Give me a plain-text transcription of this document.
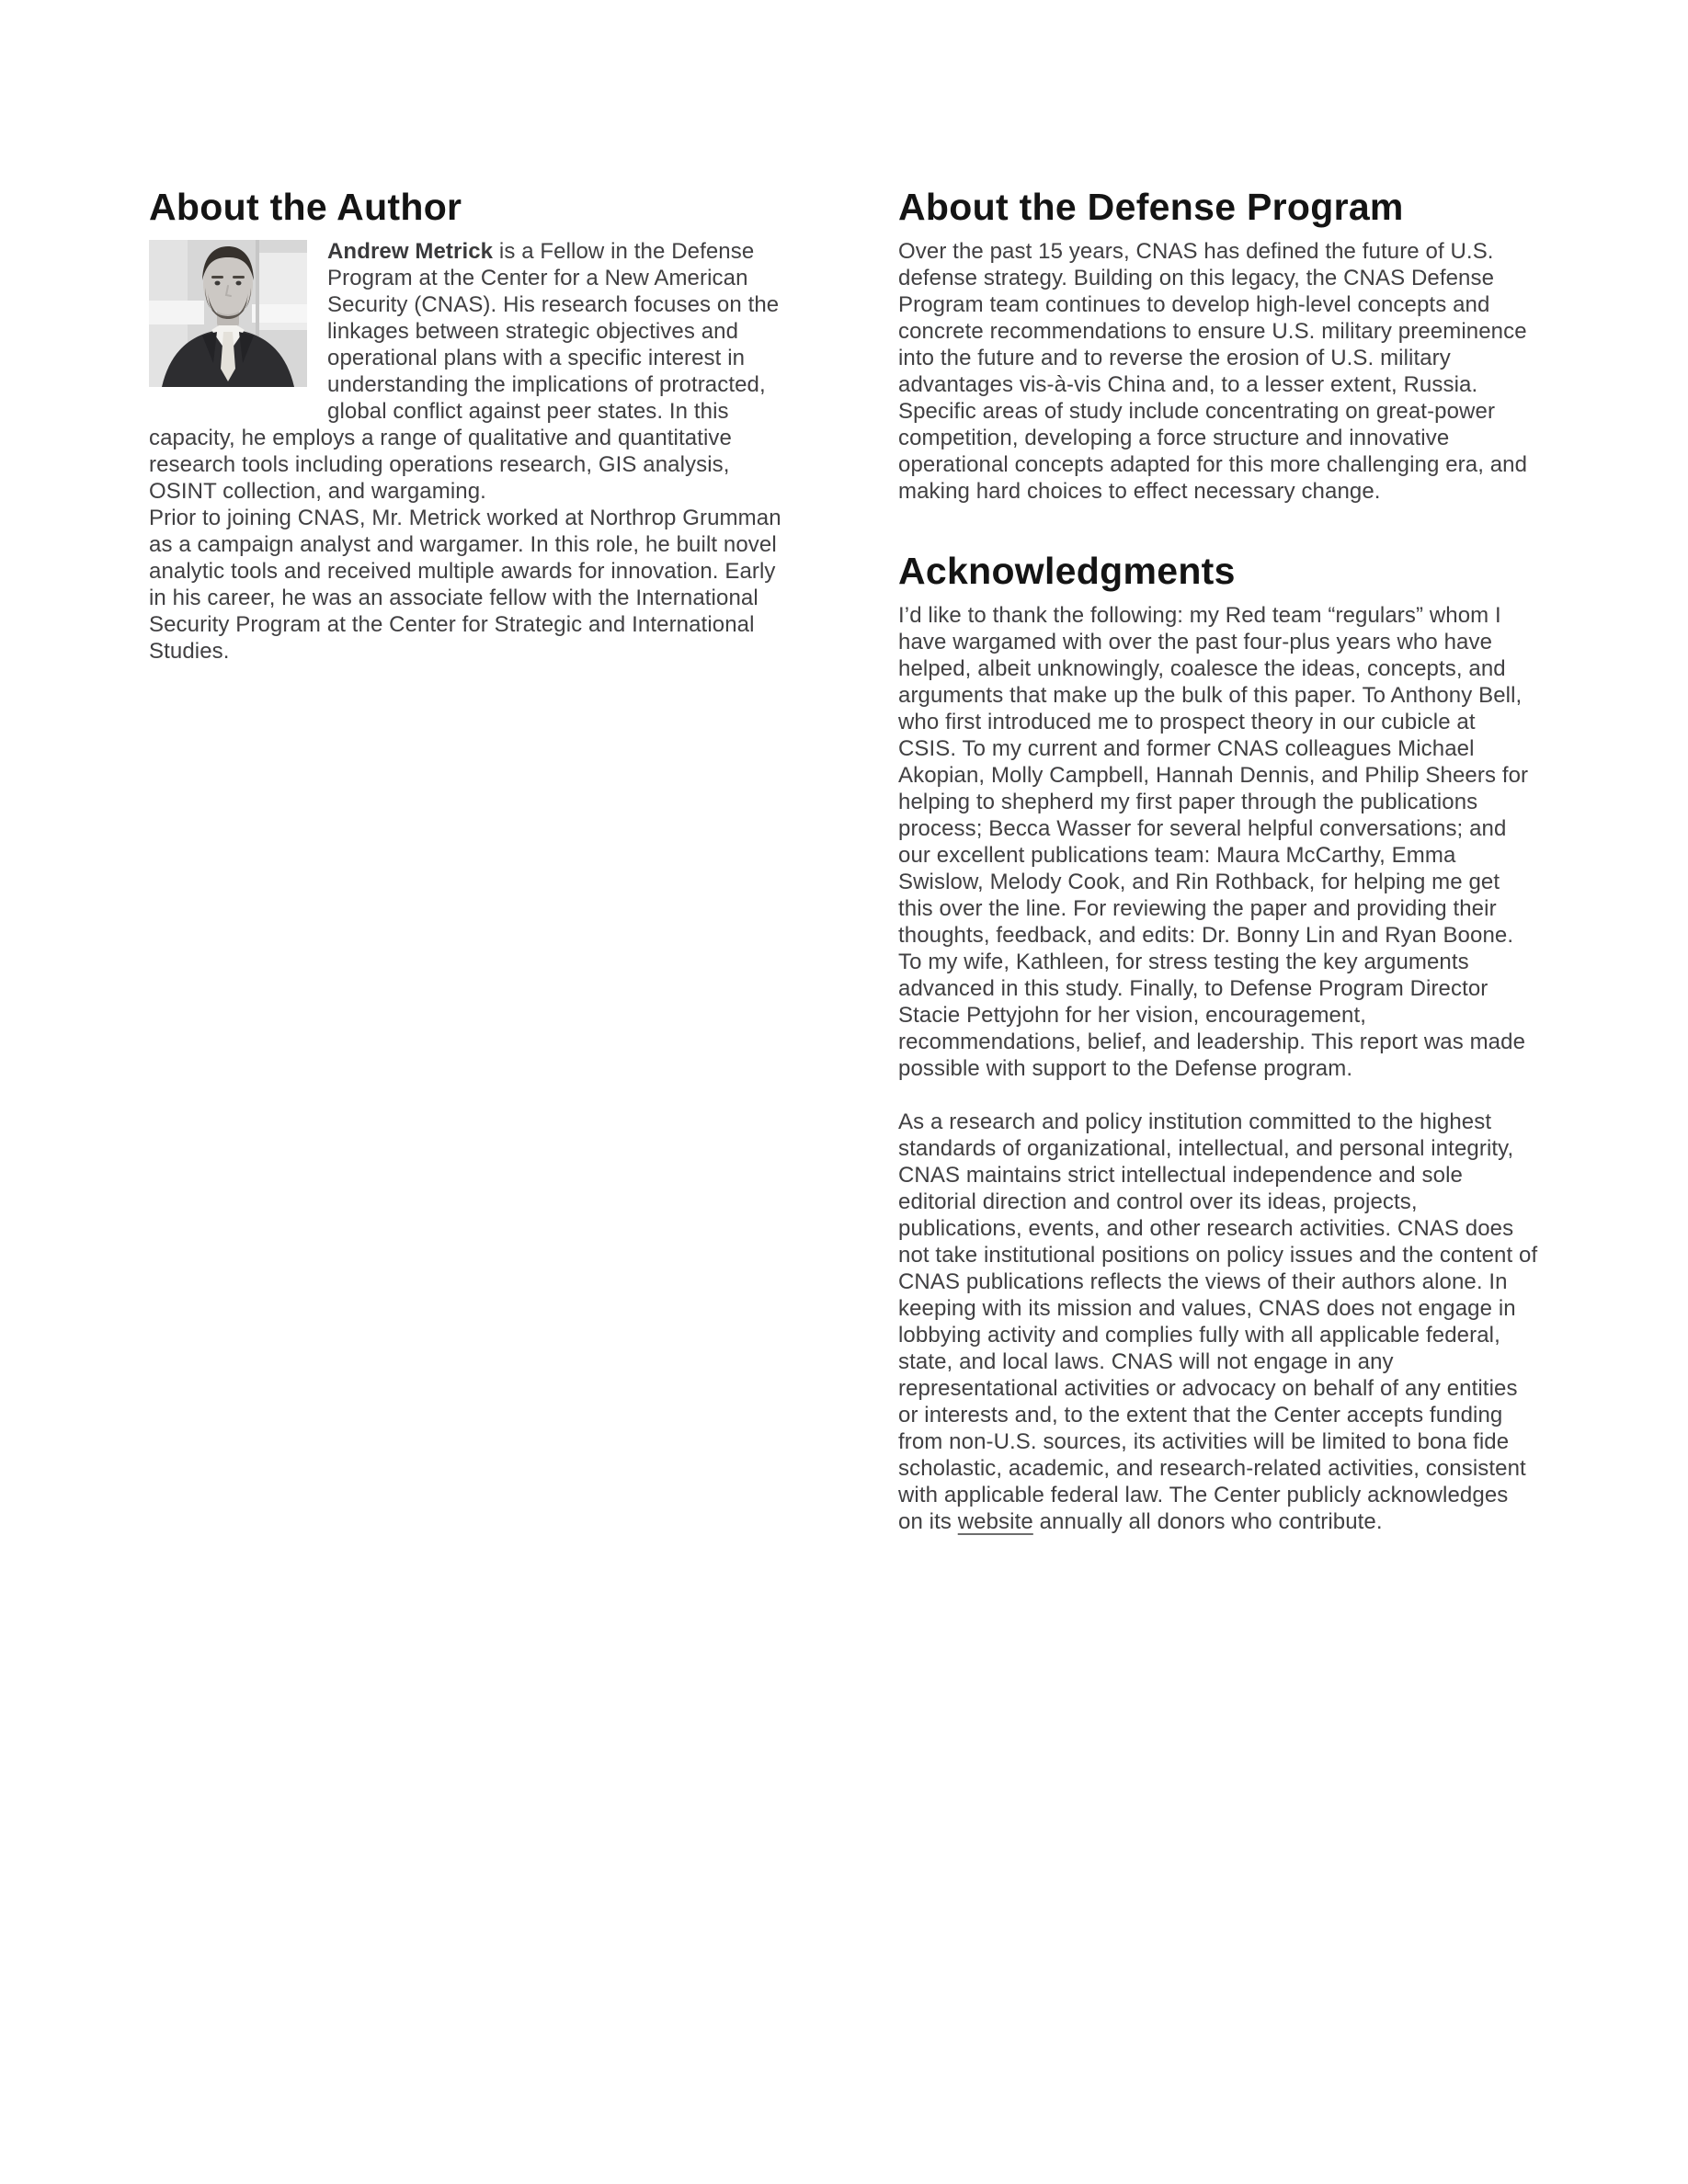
About the Author

Andrew Metrick is a Fellow in the Defense Program at the Center for a New American Security (CNAS). His research focuses on the linkages between strategic objectives and operational plans with a specific interest in understanding the implications of protracted, global conflict against peer states. In this capacity, he employs a range of qualitative and quantitative research tools including operations research, GIS analysis, OSINT collection, and wargaming.

Prior to joining CNAS, Mr. Metrick worked at Northrop Grumman as a campaign analyst and wargamer. In this role, he built novel analytic tools and received multiple awards for innovation. Early in his career, he was an associate fellow with the International Security Program at the Center for Strategic and International Studies.

About the Defense Program

Over the past 15 years, CNAS has defined the future of U.S. defense strategy. Building on this legacy, the CNAS Defense Program team continues to develop high-level concepts and concrete recommendations to ensure U.S. military preeminence into the future and to reverse the erosion of U.S. military advantages vis-à-vis China and, to a lesser extent, Russia. Specific areas of study include concentrating on great-power competition, developing a force structure and innovative operational concepts adapted for this more challenging era, and making hard choices to effect necessary change.

Acknowledgments

I’d like to thank the following: my Red team “regulars” whom I have wargamed with over the past four-plus years who have helped, albeit unknowingly, coalesce the ideas, concepts, and arguments that make up the bulk of this paper. To Anthony Bell, who first introduced me to prospect theory in our cubicle at CSIS. To my current and former CNAS colleagues Michael Akopian, Molly Campbell, Hannah Dennis, and Philip Sheers for helping to shepherd my first paper through the publications process; Becca Wasser for several helpful conversations; and our excellent publications team: Maura McCarthy, Emma Swislow, Melody Cook, and Rin Rothback, for helping me get this over the line. For reviewing the paper and providing their thoughts, feedback, and edits: Dr. Bonny Lin and Ryan Boone. To my wife, Kathleen, for stress testing the key arguments advanced in this study. Finally, to Defense Program Director Stacie Pettyjohn for her vision, encouragement, recommendations, belief, and leadership. This report was made possible with support to the Defense program.

As a research and policy institution committed to the highest standards of organizational, intellectual, and personal integrity, CNAS maintains strict intellectual independence and sole editorial direction and control over its ideas, projects, publications, events, and other research activities. CNAS does not take institutional positions on policy issues and the content of CNAS publications reflects the views of their authors alone. In keeping with its mission and values, CNAS does not engage in lobbying activity and complies fully with all applicable federal, state, and local laws. CNAS will not engage in any representational activities or advocacy on behalf of any entities or interests and, to the extent that the Center accepts funding from non-U.S. sources, its activities will be limited to bona fide scholastic, academic, and research-related activities, consistent with applicable federal law. The Center publicly acknowledges on its website annually all donors who contribute.
